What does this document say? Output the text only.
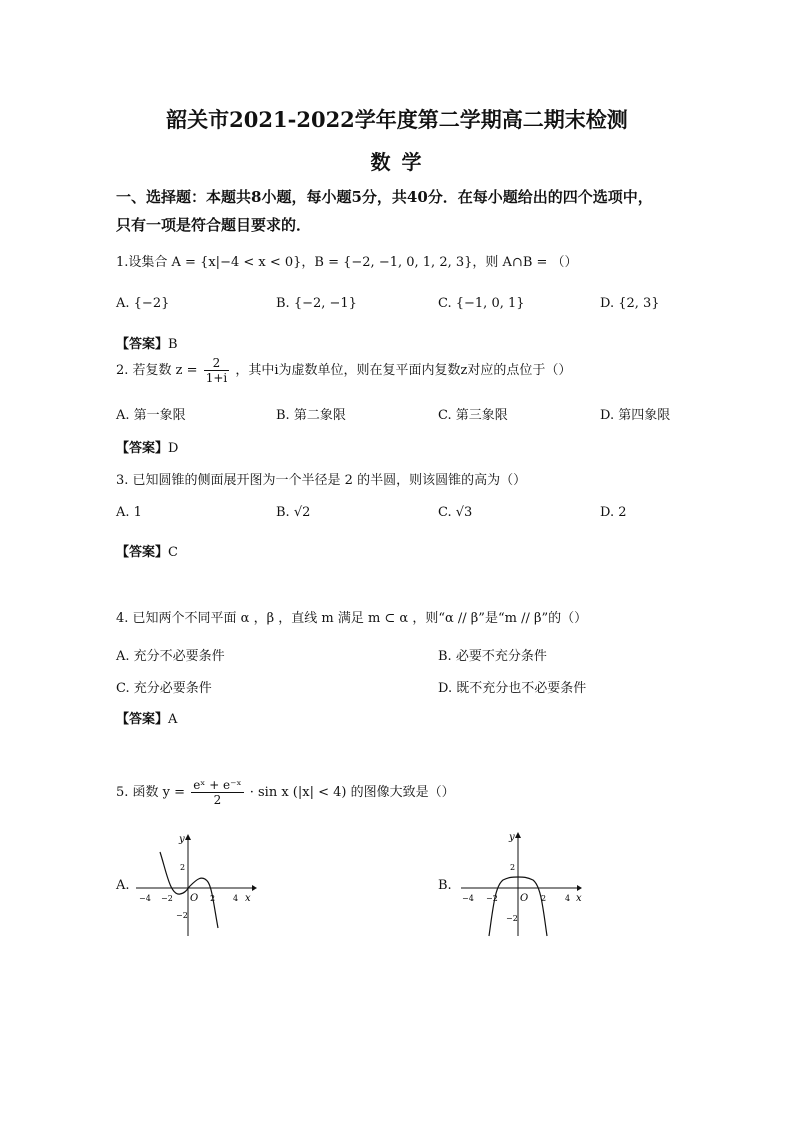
韶关市2021-2022学年度第二学期高二期末检测
数 学
一、选择题：本题共8小题，每小题5分，共40分．在每小题给出的四个选项中，
只有一项是符合题目要求的．
1.设集合 A = {x|−4 < x < 0}，B = {−2, −1, 0, 1, 2, 3}，则 A∩B = （）
A. {−2}	B. {−2, −1}	C. {−1, 0, 1}	D. {2, 3}
【答案】B
2. 若复数 $z = \frac{2}{1+i}$ ，其中i为虚数单位，则在复平面内复数z对应的点位于（）
A. 第一象限	B. 第二象限	C. 第三象限	D. 第四象限
【答案】D
3. 已知圆锥的侧面展开图为一个半径是 2 的半圆，则该圆锥的高为（）
A. 1	B. √2	C. √3	D. 2
【答案】C
4. 已知两个不同平面 α ，β ，直线 m 满足 m ⊂ α ，则“α // β”是“m // β”的（）
A. 充分不必要条件	B. 必要不充分条件
C. 充分必要条件	D. 既不充分也不必要条件
【答案】A
5. 函数 $y = \frac{\text{eˣ + e⁻ˣ}}{2} \cdot \sin x$ (|x| < 4) 的图像大致是（）
A.
y
x
O
−4 −2	2 4
2
−2
B.
y
x
O
−4 −2	2 4
2
−2
